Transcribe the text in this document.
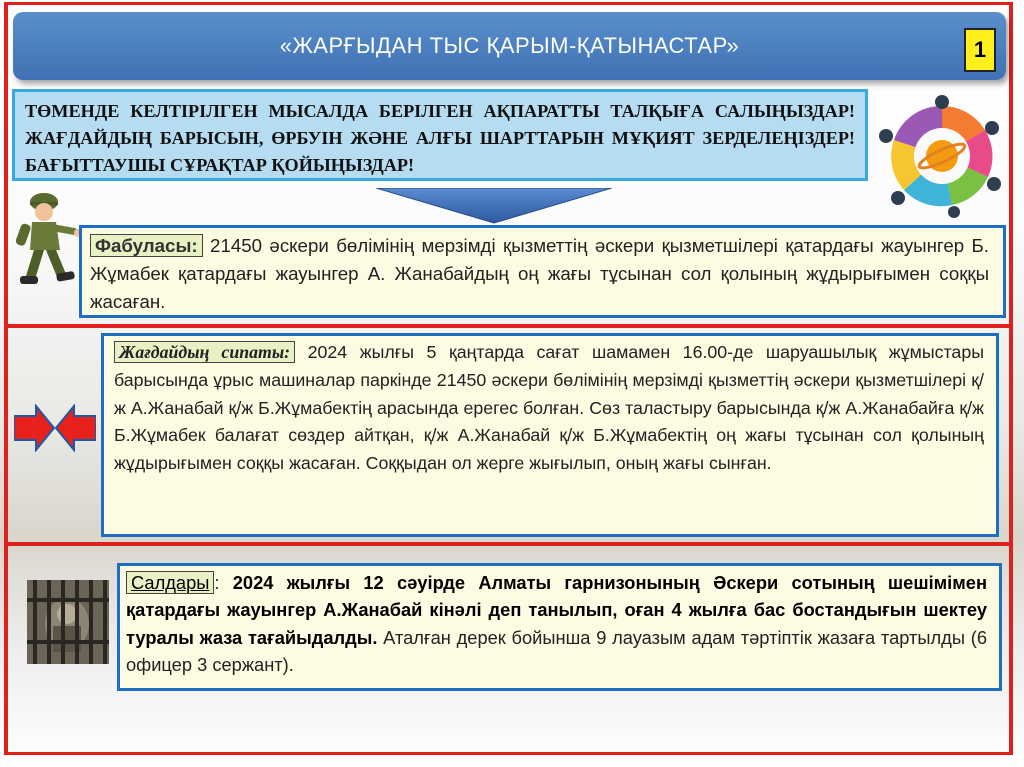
«ЖАРҒЫДАН ТЫС ҚАРЫМ-ҚАТЫНАСТАР»	1
ТӨМЕНДЕ КЕЛТІРІЛГЕН МЫСАЛДА БЕРІЛГЕН АҚПАРАТТЫ ТАЛҚЫҒА САЛЫҢЫЗДАР! ЖАҒДАЙДЫҢ БАРЫСЫН, ӨРБУІН ЖӘНЕ АЛҒЫ ШАРТТАРЫН МҰҚИЯТ ЗЕРДЕЛЕҢІЗДЕР! БАҒЫТТАУШЫ СҰРАҚТАР ҚОЙЫҢЫЗДАР!
Фабуласы: 21450 әскери бөлімінің мерзімді қызметтің әскери қызметшілері қатардағы жауынгер Б. Жұмабек қатардағы жауынгер А. Жанабайдың оң жағы тұсынан сол қолының жұдырығымен соққы жасаған.
Жағдайдың сипаты: 2024 жылғы 5 қаңтарда сағат шамамен 16.00-де шаруашылық жұмыстары барысында ұрыс машиналар паркінде 21450 әскери бөлімінің мерзімді қызметтің әскери қызметшілері қ/ж А.Жанабай қ/ж Б.Жұмабектің арасында ерегес болған. Сөз таластыру барысында қ/ж А.Жанабайға қ/ж Б.Жұмабек балағат сөздер айтқан, қ/ж А.Жанабай қ/ж Б.Жұмабектің оң жағы тұсынан сол қолының жұдырығымен соққы жасаған. Соққыдан ол жерге жығылып, оның жағы сынған.
Салдары : 2024 жылғы 12 сәуірде Алматы гарнизонының Әскери сотының шешімімен қатардағы жауынгер А.Жанабай кінәлі деп танылып, оған 4 жылға бас бостандығын шектеу туралы жаза тағайыдалды. Аталған дерек бойынша 9 лауазым адам тәртіптік жазаға тартылды (6 офицер 3 сержант).
